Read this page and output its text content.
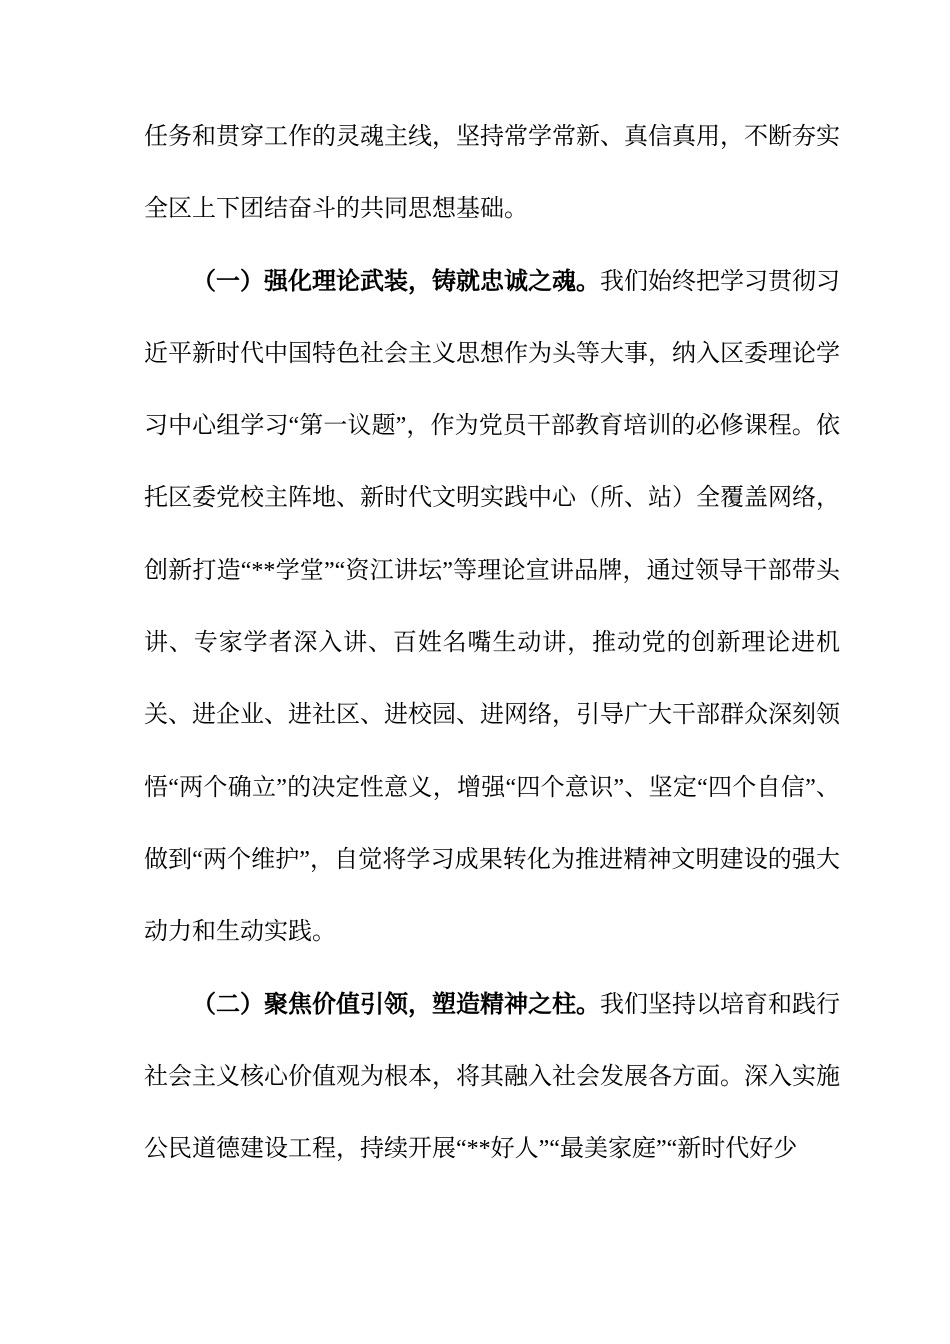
任务和贯穿工作的灵魂主线，坚持常学常新、真信真用，不断夯实全区上下团结奋斗的共同思想基础。

（一）强化理论武装，铸就忠诚之魂。我们始终把学习贯彻习近平新时代中国特色社会主义思想作为头等大事，纳入区委理论学习中心组学习“第一议题”，作为党员干部教育培训的必修课程。依托区委党校主阵地、新时代文明实践中心（所、站）全覆盖网络，创新打造“**学堂”“资江讲坛”等理论宣讲品牌，通过领导干部带头讲、专家学者深入讲、百姓名嘴生动讲，推动党的创新理论进机关、进企业、进社区、进校园、进网络，引导广大干部群众深刻领悟“两个确立”的决定性意义，增强“四个意识”、坚定“四个自信”、做到“两个维护”，自觉将学习成果转化为推进精神文明建设的强大动力和生动实践。

（二）聚焦价值引领，塑造精神之柱。我们坚持以培育和践行社会主义核心价值观为根本，将其融入社会发展各方面。深入实施公民道德建设工程，持续开展“**好人”“最美家庭”“新时代好少
